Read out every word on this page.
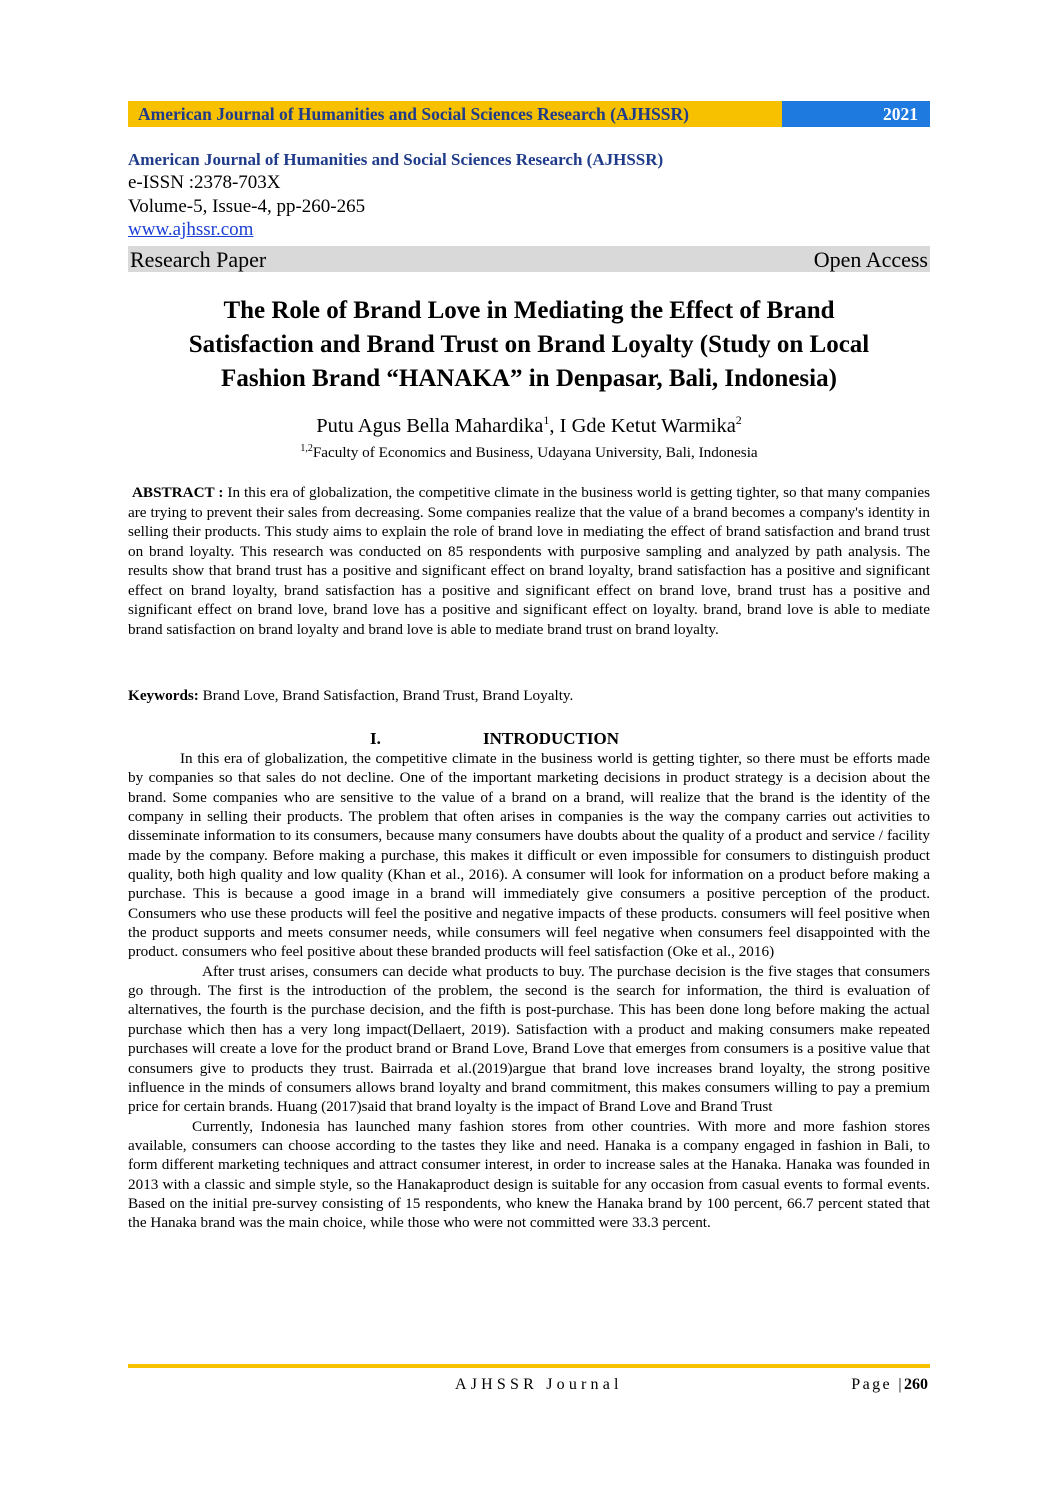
American Journal of Humanities and Social Sciences Research (AJHSSR)	2021
American Journal of Humanities and Social Sciences Research (AJHSSR)
e-ISSN :2378-703X
Volume-5, Issue-4, pp-260-265
www.ajhssr.com
Research Paper	Open Access
The Role of Brand Love in Mediating the Effect of Brand
Satisfaction and Brand Trust on Brand Loyalty (Study on Local
Fashion Brand “HANAKA” in Denpasar, Bali, Indonesia)
Putu Agus Bella Mahardika$^1$, I Gde Ketut Warmika$^2$
$^{1,2}$Faculty of Economics and Business, Udayana University, Bali, Indonesia
ABSTRACT : In this era of globalization, the competitive climate in the business world is getting tighter, so that many companies are trying to prevent their sales from decreasing. Some companies realize that the value of a brand becomes a company's identity in selling their products. This study aims to explain the role of brand love in mediating the effect of brand satisfaction and brand trust on brand loyalty. This research was conducted on 85 respondents with purposive sampling and analyzed by path analysis. The results show that brand trust has a positive and significant effect on brand loyalty, brand satisfaction has a positive and significant effect on brand loyalty, brand satisfaction has a positive and significant effect on brand love, brand trust has a positive and significant effect on brand love, brand love has a positive and significant effect on loyalty. brand, brand love is able to mediate brand satisfaction on brand loyalty and brand love is able to mediate brand trust on brand loyalty.
Keywords: Brand Love, Brand Satisfaction, Brand Trust, Brand Loyalty.
I.	INTRODUCTION

In this era of globalization, the competitive climate in the business world is getting tighter, so there must be efforts made by companies so that sales do not decline. One of the important marketing decisions in product strategy is a decision about the brand. Some companies who are sensitive to the value of a brand on a brand, will realize that the brand is the identity of the company in selling their products. The problem that often arises in companies is the way the company carries out activities to disseminate information to its consumers, because many consumers have doubts about the quality of a product and service / facility made by the company. Before making a purchase, this makes it difficult or even impossible for consumers to distinguish product quality, both high quality and low quality (Khan et al., 2016). A consumer will look for information on a product before making a purchase. This is because a good image in a brand will immediately give consumers a positive perception of the product. Consumers who use these products will feel the positive and negative impacts of these products. consumers will feel positive when the product supports and meets consumer needs, while consumers will feel negative when consumers feel disappointed with the product. consumers who feel positive about these branded products will feel satisfaction (Oke et al., 2016)

After trust arises, consumers can decide what products to buy. The purchase decision is the five stages that consumers go through. The first is the introduction of the problem, the second is the search for information, the third is evaluation of alternatives, the fourth is the purchase decision, and the fifth is post-purchase. This has been done long before making the actual purchase which then has a very long impact(Dellaert, 2019). Satisfaction with a product and making consumers make repeated purchases will create a love for the product brand or Brand Love, Brand Love that emerges from consumers is a positive value that consumers give to products they trust. Bairrada et al.(2019)argue that brand love increases brand loyalty, the strong positive influence in the minds of consumers allows brand loyalty and brand commitment, this makes consumers willing to pay a premium price for certain brands. Huang (2017)said that brand loyalty is the impact of Brand Love and Brand Trust

Currently, Indonesia has launched many fashion stores from other countries. With more and more fashion stores available, consumers can choose according to the tastes they like and need. Hanaka is a company engaged in fashion in Bali, to form different marketing techniques and attract consumer interest, in order to increase sales at the Hanaka. Hanaka was founded in 2013 with a classic and simple style, so the Hanakaproduct design is suitable for any occasion from casual events to formal events. Based on the initial pre-survey consisting of 15 respondents, who knew the Hanaka brand by 100 percent, 66.7 percent stated that the Hanaka brand was the main choice, while those who were not committed were 33.3 percent.

AJHSSR Journal	Page |260
